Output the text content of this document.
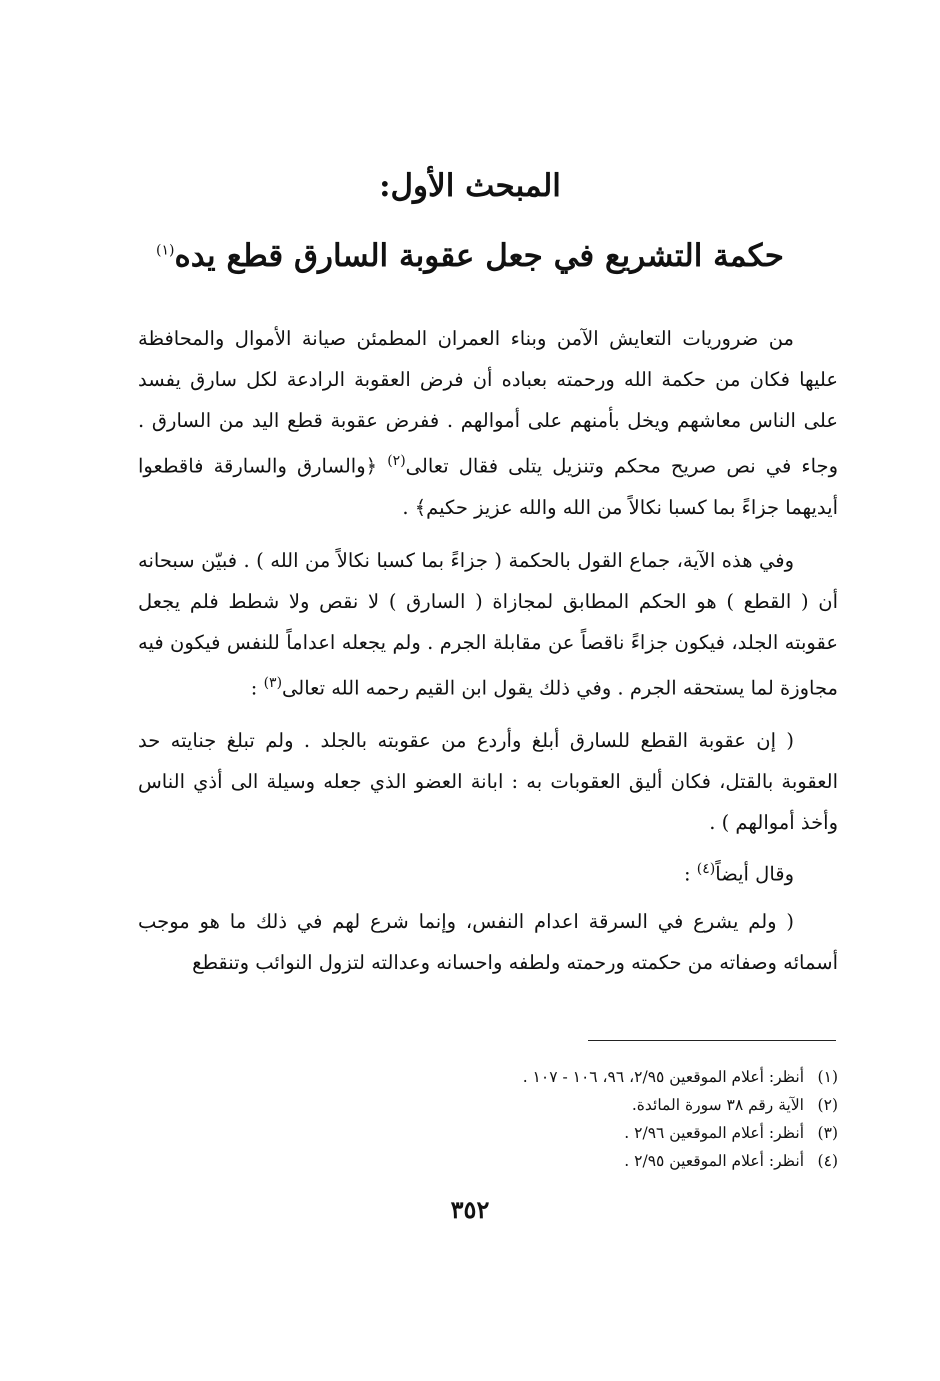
المبحث الأول:
حكمة التشريع في جعل عقوبة السارق قطع يده$^{(١)}$

من ضروريات التعايش الآمن وبناء العمران المطمئن صيانة الأموال والمحافظة عليها فكان من حكمة الله ورحمته بعباده أن فرض العقوبة الرادعة لكل سارق يفسد على الناس معاشهم ويخل بأمنهم على أموالهم . ففرض عقوبة قطع اليد من السارق . وجاء في نص صريح محكم وتنزيل يتلى فقال تعالى$^{(٢)}$ ﴿والسارق والسارقة فاقطعوا أيديهما جزاءً بما كسبا نكالاً من الله والله عزيز حكيم﴾ .

وفي هذه الآية، جماع القول بالحكمة ( جزاءً بما كسبا نكالاً من الله ) . فبيّن سبحانه أن ( القطع ) هو الحكم المطابق لمجازاة ( السارق ) لا نقص ولا شطط فلم يجعل عقوبته الجلد، فيكون جزاءً ناقصاً عن مقابلة الجرم . ولم يجعله اعداماً للنفس فيكون فيه مجاوزة لما يستحقه الجرم . وفي ذلك يقول ابن القيم رحمه الله تعالى$^{(٣)}$ :

( إن عقوبة القطع للسارق أبلغ وأردع من عقوبته بالجلد . ولم تبلغ جنايته حد العقوبة بالقتل، فكان أليق العقوبات به : ابانة العضو الذي جعله وسيلة الى أذي الناس وأخذ أموالهم ) .

وقال أيضاً$^{(٤)}$ :

( ولم يشرع في السرقة اعدام النفس، وإنما شرع لهم في ذلك ما هو موجب أسمائه وصفاته من حكمته ورحمته ولطفه واحسانه وعدالته لتزول النوائب وتنقطع

(١)أنظر: أعلام الموقعين ٢/٩٥، ٩٦، ١٠٦ - ١٠٧ .
(٢)الآية رقم ٣٨ سورة المائدة.
(٣)أنظر: أعلام الموقعين ٢/٩٦ .
(٤)أنظر: أعلام الموقعين ٢/٩٥ .
٣٥٢
